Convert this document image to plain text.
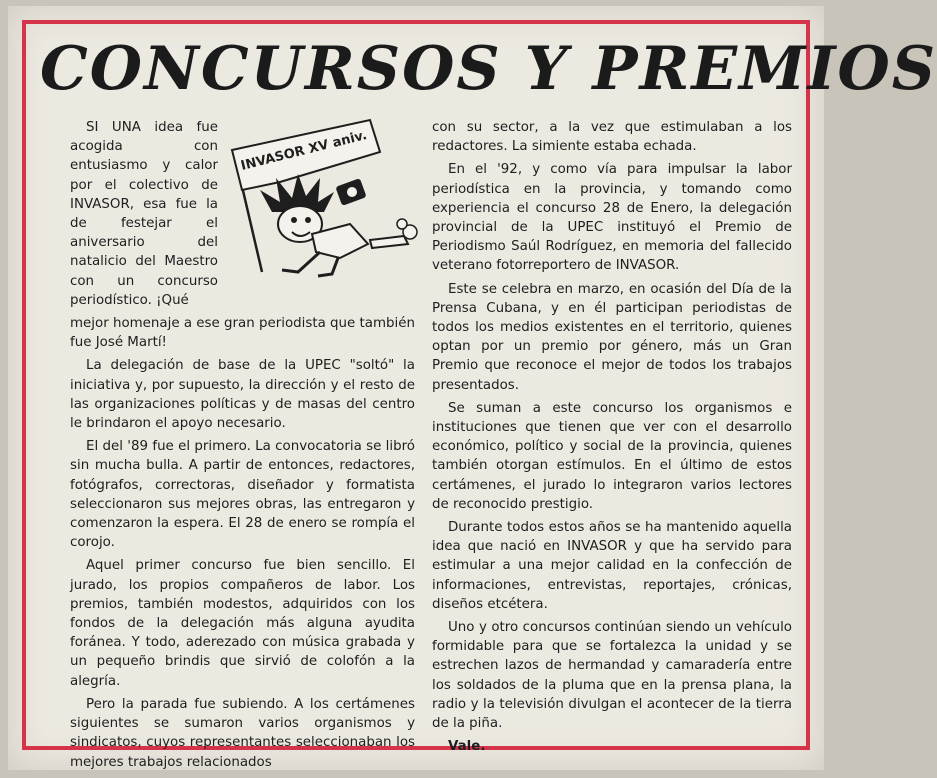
CONCURSOS Y PREMIOS
INVASOR XV aniv.

SI UNA idea fue acogida con entusiasmo y calor por el colectivo de INVASOR, esa fue la de festejar el aniversario del natalicio del Maestro con un concurso periodístico. ¡Qué

mejor homenaje a ese gran periodista que también fue José Martí!

La delegación de base de la UPEC "soltó" la iniciativa y, por supuesto, la dirección y el resto de las organizaciones políticas y de masas del centro le brindaron el apoyo necesario.

El del '89 fue el primero. La convocatoria se libró sin mucha bulla. A partir de entonces, redactores, fotógrafos, correctoras, diseñador y formatista seleccionaron sus mejores obras, las entregaron y comenzaron la espera. El 28 de enero se rompía el corojo.

Aquel primer concurso fue bien sencillo. El jurado, los propios compañeros de labor. Los premios, también modestos, adquiridos con los fondos de la delegación más alguna ayudita foránea. Y todo, aderezado con música grabada y un pequeño brindis que sirvió de colofón a la alegría.

Pero la parada fue subiendo. A los certámenes siguientes se sumaron varios organismos y sindicatos, cuyos representantes seleccionaban los mejores trabajos relacionados

con su sector, a la vez que estimulaban a los redactores. La simiente estaba echada.

En el '92, y como vía para impulsar la labor periodística en la provincia, y tomando como experiencia el concurso 28 de Enero, la delegación provincial de la UPEC instituyó el Premio de Periodismo Saúl Rodríguez, en memoria del fallecido veterano fotorreportero de INVASOR.

Este se celebra en marzo, en ocasión del Día de la Prensa Cubana, y en él participan periodistas de todos los medios existentes en el territorio, quienes optan por un premio por género, más un Gran Premio que reconoce el mejor de todos los trabajos presentados.

Se suman a este concurso los organismos e instituciones que tienen que ver con el desarrollo económico, político y social de la provincia, quienes también otorgan estímulos. En el último de estos certámenes, el jurado lo integraron varios lectores de reconocido prestigio.

Durante todos estos años se ha mantenido aquella idea que nació en INVASOR y que ha servido para estimular a una mejor calidad en la confección de informaciones, entrevistas, reportajes, crónicas, diseños etcétera.

Uno y otro concursos continúan siendo un vehículo formidable para que se fortalezca la unidad y se estrechen lazos de hermandad y camaradería entre los soldados de la pluma que en la prensa plana, la radio y la televisión divulgan el acontecer de la tierra de la piña.

Vale.
